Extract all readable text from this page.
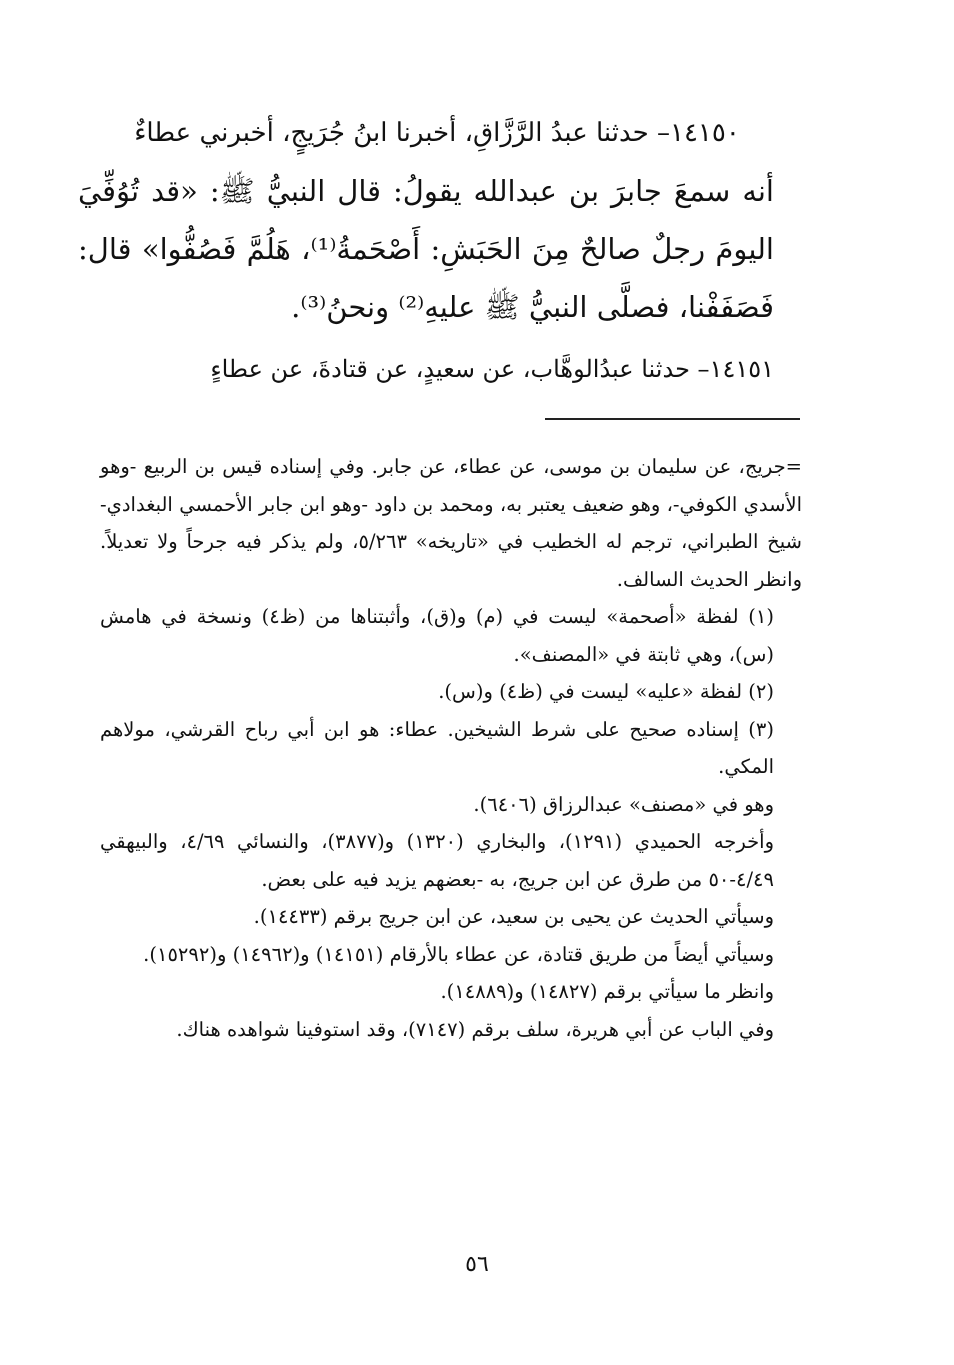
١٤١٥٠– حدثنا عبدُ الرَّزَّاقِ، أخبرنا ابنُ جُرَيجٍ، أخبرني عطاءٌ

أنه سمعَ جابرَ بن عبدالله يقولُ: قال النبيُّ ﷺ: «قد تُوُفِّيَ اليومَ رجلٌ صالحٌ مِنَ الحَبَشِ: أَصْحَمةُ⁽¹⁾، هَلُمَّ فَصُفُّوا» قال: فَصَفَفْنا، فصلَّى النبيُّ ﷺ عليهِ⁽²⁾ ونحنُ⁽³⁾.
١٤١٥١– حدثنا عبدُالوهَّاب، عن سعيدٍ، عن قتادةَ، عن عطاءٍ

=جريج، عن سليمان بن موسى، عن عطاء، عن جابر. وفي إسناده قيس بن الربيع -وهو الأسدي الكوفي-، وهو ضعيف يعتبر به، ومحمد بن داود -وهو ابن جابر الأحمسي البغدادي- شيخ الطبراني، ترجم له الخطيب في «تاريخه» ٥/٢٦٣، ولم يذكر فيه جرحاً ولا تعديلاً. وانظر الحديث السالف.

(١) لفظة «أصحمة» ليست في (م) و(ق)، وأثبتناها من (ظ٤) ونسخة في هامش (س)، وهي ثابتة في «المصنف».

(٢) لفظة «عليه» ليست في (ظ٤) و(س).

(٣) إسناده صحيح على شرط الشيخين. عطاء: هو ابن أبي رباح القرشي، مولاهم المكي.

وهو في «مصنف» عبدالرزاق (٦٤٠٦).

وأخرجه الحميدي (١٢٩١)، والبخاري (١٣٢٠) و(٣٨٧٧)، والنسائي ٤/٦٩، والبيهقي ٤/٤٩-٥٠ من طرق عن ابن جريج، به -بعضهم يزيد فيه على بعض.

وسيأتي الحديث عن يحيى بن سعيد، عن ابن جريج برقم (١٤٤٣٣).

وسيأتي أيضاً من طريق قتادة، عن عطاء بالأرقام (١٤١٥١) و(١٤٩٦٢) و(١٥٢٩٢).

وانظر ما سيأتي برقم (١٤٨٢٧) و(١٤٨٨٩).

وفي الباب عن أبي هريرة، سلف برقم (٧١٤٧)، وقد استوفينا شواهده هناك.

٥٦
